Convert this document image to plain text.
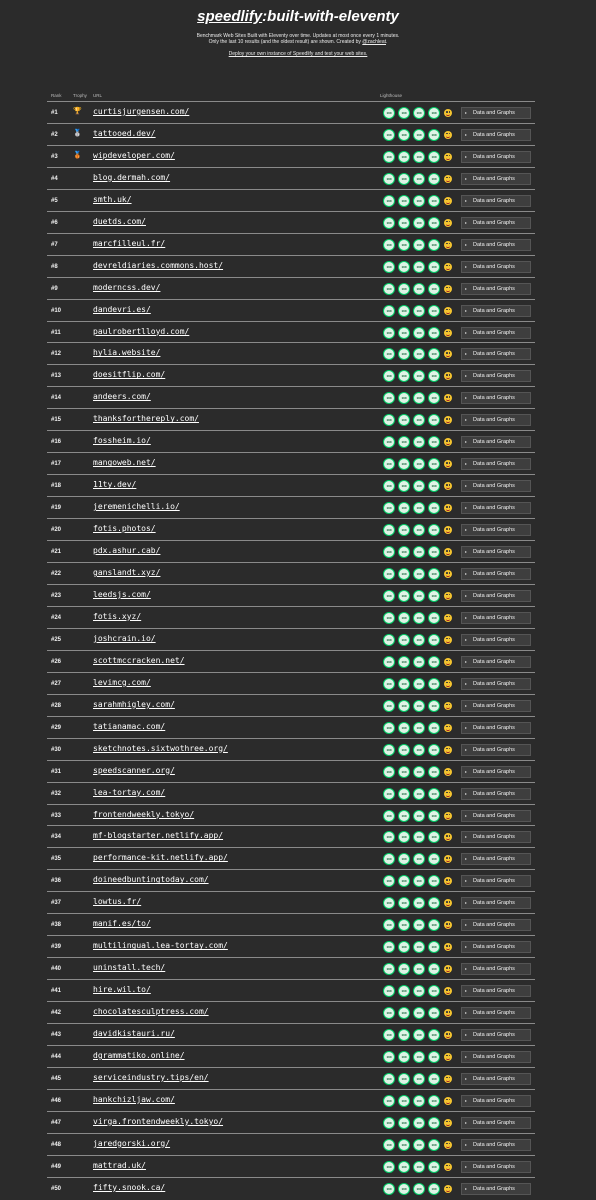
speedlify:built-with-eleventy
Benchmark Web Sites Built with Eleventy over time. Updates at most once every 1 minutes. Only the last 10 results (and the oldest result) are shown. Created by @zachleat.
Deploy your own instance of Speedlify and test your web sites.
Rank	Trophy URL	Lighthouse
#1 🏆 curtisjurgensen.com/	100	100	100	100	▸ Data and Graphs
#2 🥈 tattooed.dev/	100	100	100	100	▸ Data and Graphs
#3 🥉 wipdeveloper.com/	100	100	100	100	▸ Data and Graphs
#4	blog.dermah.com/	100	100	100	100	▸ Data and Graphs
#5	smth.uk/	100	100	100	100	▸ Data and Graphs
#6	duetds.com/	100	100	100	100	▸ Data and Graphs
#7	marcfilleul.fr/	100	100	100	100	▸ Data and Graphs
#8	devreldiaries.commons.host/	100	100	100	100	▸ Data and Graphs
#9	moderncss.dev/	100	100	100	100	▸ Data and Graphs
#10	dandevri.es/	100	100	100	100	▸ Data and Graphs
#11	paulrobertlloyd.com/	100	100	100	100	▸ Data and Graphs
#12	hylia.website/	100	100	100	100	▸ Data and Graphs
#13	doesitflip.com/	100	100	100	100	▸ Data and Graphs
#14	andeers.com/	100	100	100	100	▸ Data and Graphs
#15	thanksforthereply.com/	100	100	100	100	▸ Data and Graphs
#16	fossheim.io/	100	100	100	100	▸ Data and Graphs
#17	mangoweb.net/	100	100	100	100	▸ Data and Graphs
#18	11ty.dev/	100	100	100	100	▸ Data and Graphs
#19	jeremenichelli.io/	100	100	100	100	▸ Data and Graphs
#20	fotis.photos/	100	100	100	100	▸ Data and Graphs
#21	pdx.ashur.cab/	100	100	100	100	▸ Data and Graphs
#22	ganslandt.xyz/	100	100	100	100	▸ Data and Graphs
#23	leedsjs.com/	100	100	100	100	▸ Data and Graphs
#24	fotis.xyz/	100	100	100	100	▸ Data and Graphs
#25	joshcrain.io/	100	100	100	100	▸ Data and Graphs
#26	scottmccracken.net/	100	100	100	100	▸ Data and Graphs
#27	levimcg.com/	100	100	100	100	▸ Data and Graphs
#28	sarahmhigley.com/	100	100	100	100	▸ Data and Graphs
#29	tatianamac.com/	100	100	100	100	▸ Data and Graphs
#30	sketchnotes.sixtwothree.org/	100	100	100	100	▸ Data and Graphs
#31	speedscanner.org/	100	100	100	100	▸ Data and Graphs
#32	lea-tortay.com/	100	100	100	100	▸ Data and Graphs
#33	frontendweekly.tokyo/	100	100	100	100	▸ Data and Graphs
#34	mf-blogstarter.netlify.app/	100	100	100	100	▸ Data and Graphs
#35	performance-kit.netlify.app/	100	100	100	100	▸ Data and Graphs
#36	doineedbuntingtoday.com/	100	100	100	100	▸ Data and Graphs
#37	lowtus.fr/	100	100	100	100	▸ Data and Graphs
#38	manif.es/to/	100	100	100	100	▸ Data and Graphs
#39	multilingual.lea-tortay.com/	100	100	100	100	▸ Data and Graphs
#40	uninstall.tech/	100	100	100	100	▸ Data and Graphs
#41	hire.wil.to/	100	100	100	100	▸ Data and Graphs
#42	chocolatesculptress.com/	100	100	100	100	▸ Data and Graphs
#43	davidkistauri.ru/	100	100	100	100	▸ Data and Graphs
#44	dgrammatiko.online/	100	100	100	100	▸ Data and Graphs
#45	serviceindustry.tips/en/	100	100	100	100	▸ Data and Graphs
#46	hankchizljaw.com/	100	100	100	100	▸ Data and Graphs
#47	virga.frontendweekly.tokyo/	100	100	100	100	▸ Data and Graphs
#48	jaredgorski.org/	100	100	100	100	▸ Data and Graphs
#49	mattrad.uk/	100	100	100	100	▸ Data and Graphs
#50	fifty.snook.ca/	100	100	100	100	▸ Data and Graphs
